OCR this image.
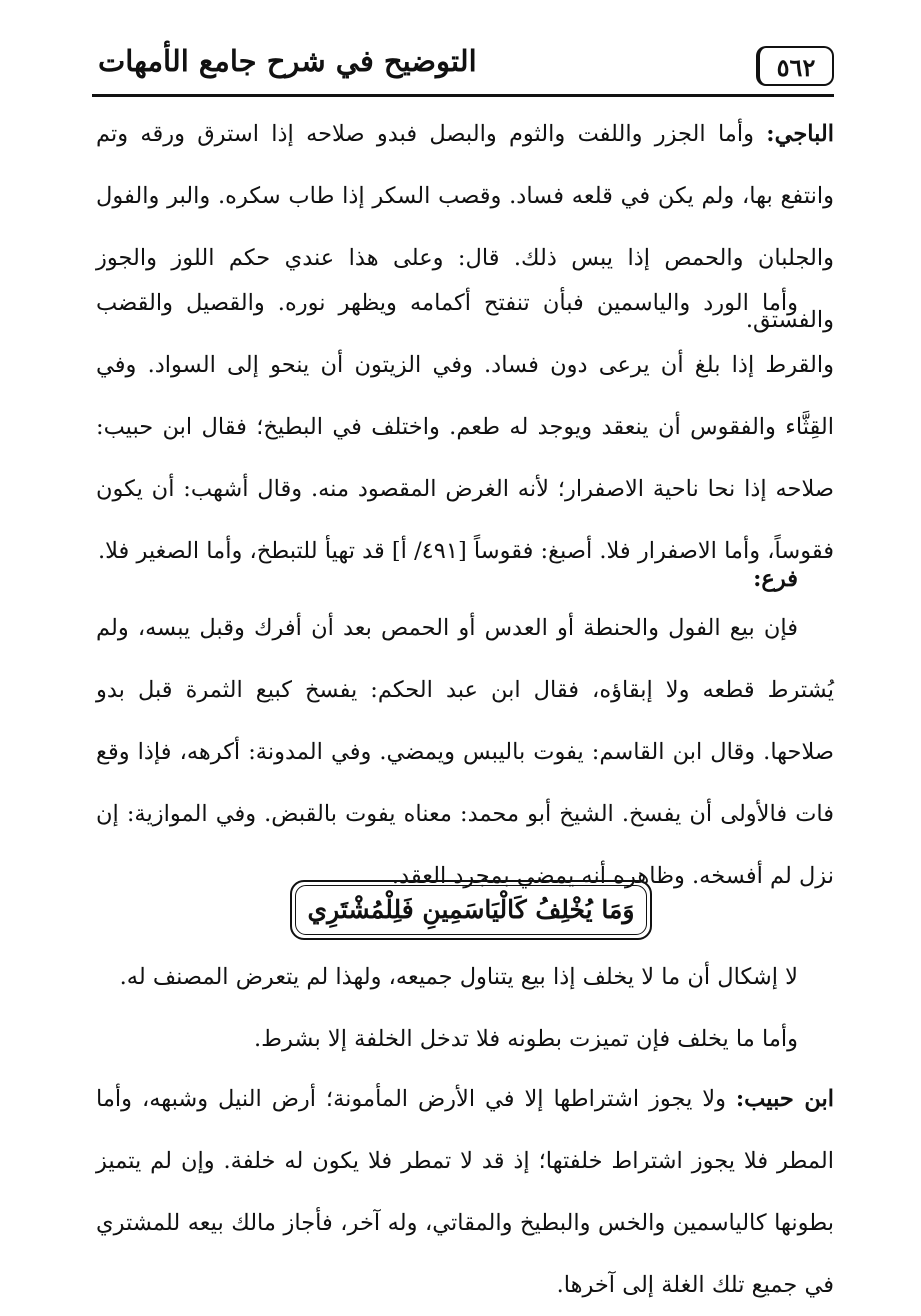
٥٦٢
التوضيح في شرح جامع الأمهات

الباجي: وأما الجزر واللفت والثوم والبصل فبدو صلاحه إذا استرق ورقه وتم وانتفع بها، ولم يكن في قلعه فساد. وقصب السكر إذا طاب سكره. والبر والفول والجلبان والحمص إذا يبس ذلك. قال: وعلى هذا عندي حكم اللوز والجوز والفستق.

وأما الورد والياسمين فبأن تنفتح أكمامه ويظهر نوره. والقصيل والقضب والقرط إذا بلغ أن يرعى دون فساد. وفي الزيتون أن ينحو إلى السواد. وفي القِثَّاء والفقوس أن ينعقد ويوجد له طعم. واختلف في البطيخ؛ فقال ابن حبيب: صلاحه إذا نحا ناحية الاصفرار؛ لأنه الغرض المقصود منه. وقال أشهب: أن يكون فقوساً، وأما الاصفرار فلا. أصبغ: فقوساً [٤٩١/ أ] قد تهيأ للتبطخ، وأما الصغير فلا.

فرع:

فإن بيع الفول والحنطة أو العدس أو الحمص بعد أن أفرك وقبل يبسه، ولم يُشترط قطعه ولا إبقاؤه، فقال ابن عبد الحكم: يفسخ كبيع الثمرة قبل بدو صلاحها. وقال ابن القاسم: يفوت باليبس ويمضي. وفي المدونة: أكرهه، فإذا وقع فات فالأولى أن يفسخ. الشيخ أبو محمد: معناه يفوت بالقبض. وفي الموازية: إن نزل لم أفسخه. وظاهره أنه يمضي بمجرد العقد.

وَمَا يُخْلِفُ كَالْيَاسَمِينِ فَلِلْمُشْتَرِي

لا إشكال أن ما لا يخلف إذا بيع يتناول جميعه، ولهذا لم يتعرض المصنف له.

وأما ما يخلف فإن تميزت بطونه فلا تدخل الخلفة إلا بشرط.

ابن حبيب: ولا يجوز اشتراطها إلا في الأرض المأمونة؛ أرض النيل وشبهه، وأما المطر فلا يجوز اشتراط خلفتها؛ إذ قد لا تمطر فلا يكون له خلفة. وإن لم يتميز بطونها كالياسمين والخس والبطيخ والمقاتي، وله آخر، فأجاز مالك بيعه للمشتري في جميع تلك الغلة إلى آخرها.
